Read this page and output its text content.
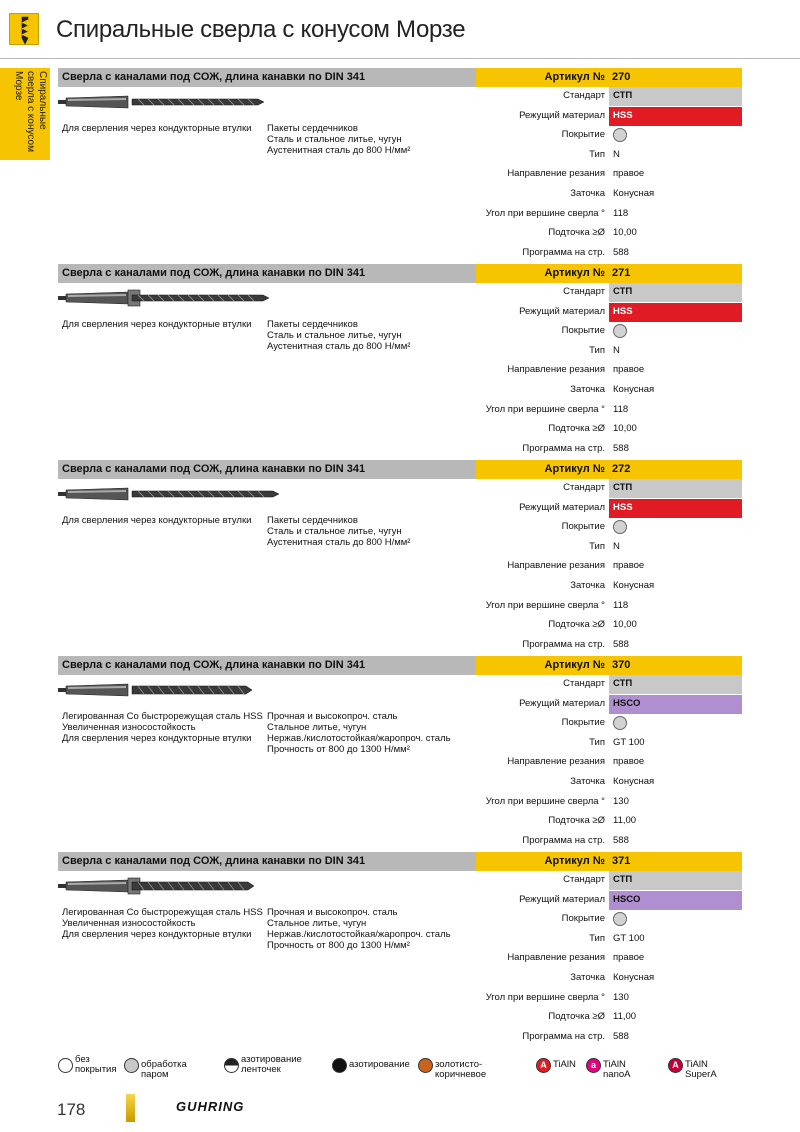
Спиральные сверла с конусом Морзе
Спиральные сверла с конусом Морзе	Сверла с каналами под СОЖ, длина канавки по DIN 341	Артикул № 270
Для сверления через кондукторные втулки	Пакеты сердечников
Сталь и стальное литье, чугун
Аустенитная сталь до 800 Н/мм²
Стандарт СТП
Режущий материал HSS
Покрытие
Тип N
Направление резания правое
Заточка Конусная
Угол при вершине сверла ° 118
Подточка ≥Ø 10,00
Программа на стр. 588
Сверла с каналами под СОЖ, длина канавки по DIN 341	Артикул № 271
Для сверления через кондукторные втулки	Пакеты сердечников
Сталь и стальное литье, чугун
Аустенитная сталь до 800 Н/мм²
Стандарт СТП
Режущий материал HSS
Покрытие
Тип N
Направление резания правое
Заточка Конусная
Угол при вершине сверла ° 118
Подточка ≥Ø 10,00
Программа на стр. 588
Сверла с каналами под СОЖ, длина канавки по DIN 341	Артикул № 272
Для сверления через кондукторные втулки	Пакеты сердечников
Сталь и стальное литье, чугун
Аустенитная сталь до 800 Н/мм²
Стандарт СТП
Режущий материал HSS
Покрытие
Тип N
Направление резания правое
Заточка Конусная
Угол при вершине сверла ° 118
Подточка ≥Ø 10,00
Программа на стр. 588
Сверла с каналами под СОЖ, длина канавки по DIN 341	Артикул № 370
Легированная Co быстрорежущая сталь HSS
Увеличенная износостойкость
Для сверления через кондукторные втулки
Прочная и высокопроч. сталь
Стальное литье, чугун
Нержав./кислотостойкая/жаропроч. сталь
Прочность от 800 до 1300 Н/мм²
Стандарт СТП
Режущий материал HSCO
Покрытие
Тип GT 100
Направление резания правое
Заточка Конусная
Угол при вершине сверла ° 130
Подточка ≥Ø 11,00
Программа на стр. 588
Сверла с каналами под СОЖ, длина канавки по DIN 341	Артикул № 371
Легированная Co быстрорежущая сталь HSS
Увеличенная износостойкость
Для сверления через кондукторные втулки
Прочная и высокопроч. сталь
Стальное литье, чугун
Нержав./кислотостойкая/жаропроч. сталь
Прочность от 800 до 1300 Н/мм²
Стандарт СТП
Режущий материал HSCO
Покрытие
Тип GT 100
Направление резания правое
Заточка Конусная
Угол при вершине сверла ° 130
Подточка ≥Ø 11,00
Программа на стр. 588
без
покрытия	обработка паром
азотирование
ленточек	азотирование	золотисто-коричневое
A TiAlN	a TiAlN nanoA
A TiAlN SuperA
178	GUHRING
